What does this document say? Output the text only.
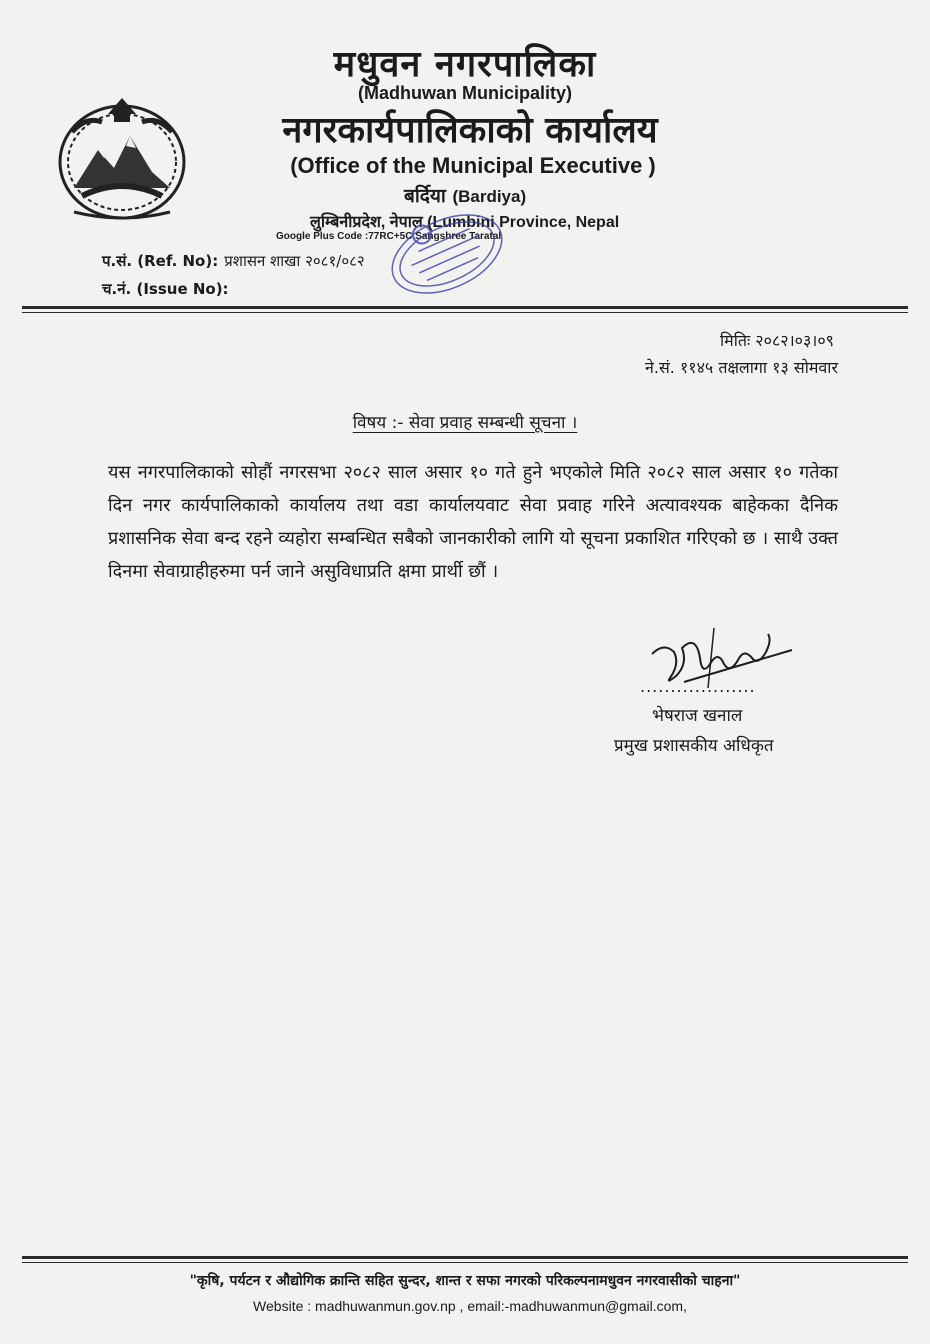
मधुवन नगरपालिका
(Madhuwan Municipality)
नगरकार्यपालिकाको कार्यालय
(Office of the Municipal Executive )
बर्दिया (Bardiya)
लुम्बिनीप्रदेश, नेपाल (Lumbini Province, Nepal
Google Plus Code :77RC+5C Sangshree Taratal
प.सं. (Ref. No): प्रशासन शाखा २०८१/०८२
च.नं. (Issue No):
मितिः २०८२।०३।०९
ने.सं. ११४५ तक्षलागा १३ सोमवार
विषय :- सेवा प्रवाह सम्बन्धी सूचना ।
यस नगरपालिकाको सोहौं नगरसभा २०८२ साल असार १० गते हुने भएकोले मिति २०८२ साल असार १० गतेका दिन नगर कार्यपालिकाको कार्यालय तथा वडा कार्यालयवाट सेवा प्रवाह गरिने अत्यावश्यक बाहेकका दैनिक प्रशासनिक सेवा बन्द रहने व्यहोरा सम्बन्धित सबैको जानकारीको लागि यो सूचना प्रकाशित गरिएको छ । साथै उक्त दिनमा सेवाग्राहीहरुमा पर्न जाने असुविधाप्रति क्षमा प्रार्थी छौं ।
...................
भेषराज खनाल
प्रमुख प्रशासकीय अधिकृत
"कृषि, पर्यटन र औद्योगिक क्रान्ति सहित सुन्दर, शान्त र सफा नगरको परिकल्पनामधुवन नगरवासीको चाहना"
Website : madhuwanmun.gov.np , email:-madhuwanmun@gmail.com,
